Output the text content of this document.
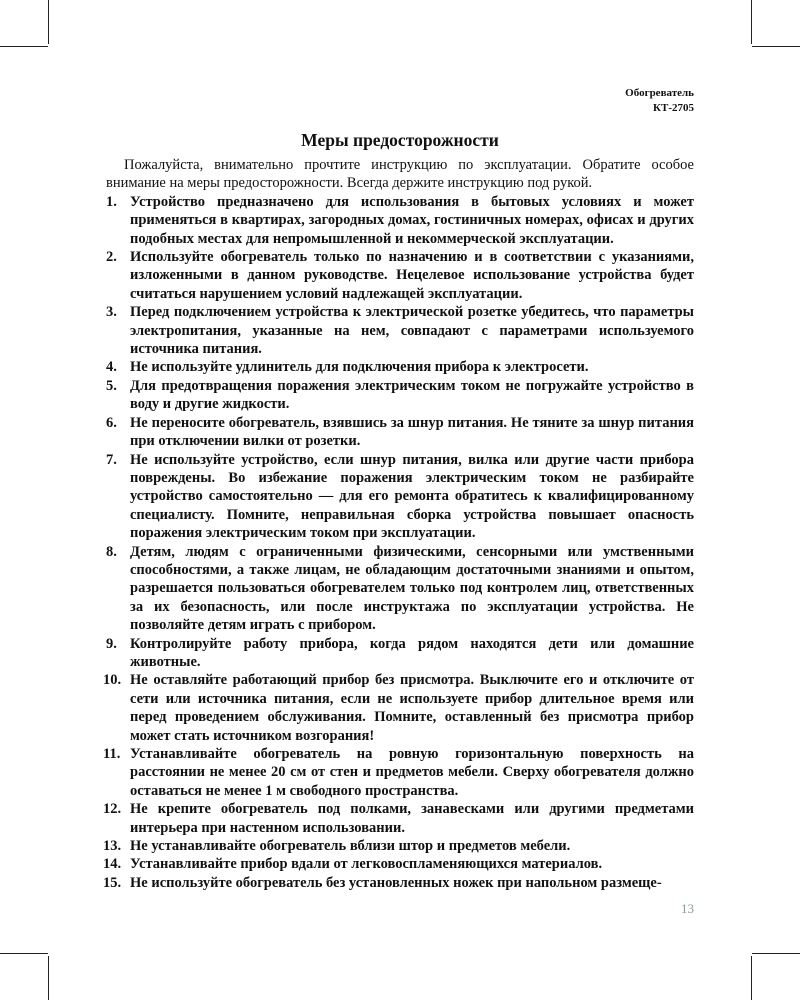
Обогреватель
КТ-2705
Меры предосторожности

Пожалуйста, внимательно прочтите инструкцию по эксплуатации. Обратите особое внимание на меры предосторожности. Всегда держите инструкцию под рукой.

1. Устройство предназначено для использования в бытовых условиях и может применяться в квартирах, загородных домах, гостиничных номерах, офисах и других подобных местах для непромышленной и некоммерческой эксплуатации.
2. Используйте обогреватель только по назначению и в соответствии с указаниями, изложенными в данном руководстве. Нецелевое использование устройства будет считаться нарушением условий надлежащей эксплуатации.
3. Перед подключением устройства к электрической розетке убедитесь, что параметры электропитания, указанные на нем, совпадают с параметрами используемого источника питания.
4. Не используйте удлинитель для подключения прибора к электросети.
5. Для предотвращения поражения электрическим током не погружайте устройство в воду и другие жидкости.
6. Не переносите обогреватель, взявшись за шнур питания. Не тяните за шнур питания при отключении вилки от розетки.
7. Не используйте устройство, если шнур питания, вилка или другие части прибора повреждены. Во избежание поражения электрическим током не разбирайте устройство самостоятельно — для его ремонта обратитесь к квалифицированному специалисту. Помните, неправильная сборка устройства повышает опасность поражения электрическим током при эксплуатации.
8. Детям, людям с ограниченными физическими, сенсорными или умственными способностями, а также лицам, не обладающим достаточными знаниями и опытом, разрешается пользоваться обогревателем только под контролем лиц, ответственных за их безопасность, или после инструктажа по эксплуатации устройства. Не позволяйте детям играть с прибором.
9. Контролируйте работу прибора, когда рядом находятся дети или домашние животные.
10. Не оставляйте работающий прибор без присмотра. Выключите его и отключите от сети или источника питания, если не используете прибор длительное время или перед проведением обслуживания. Помните, оставленный без присмотра прибор может стать источником возгорания!
11. Устанавливайте обогреватель на ровную горизонтальную поверхность на расстоянии не менее 20 см от стен и предметов мебели. Сверху обогревателя должно оставаться не менее 1 м свободного пространства.
12. Не крепите обогреватель под полками, занавесками или другими предметами интерьера при настенном использовании.
13. Не устанавливайте обогреватель вблизи штор и предметов мебели.
14. Устанавливайте прибор вдали от легковоспламеняющихся материалов.
15. Не используйте обогреватель без установленных ножек при напольном размеще-
13
